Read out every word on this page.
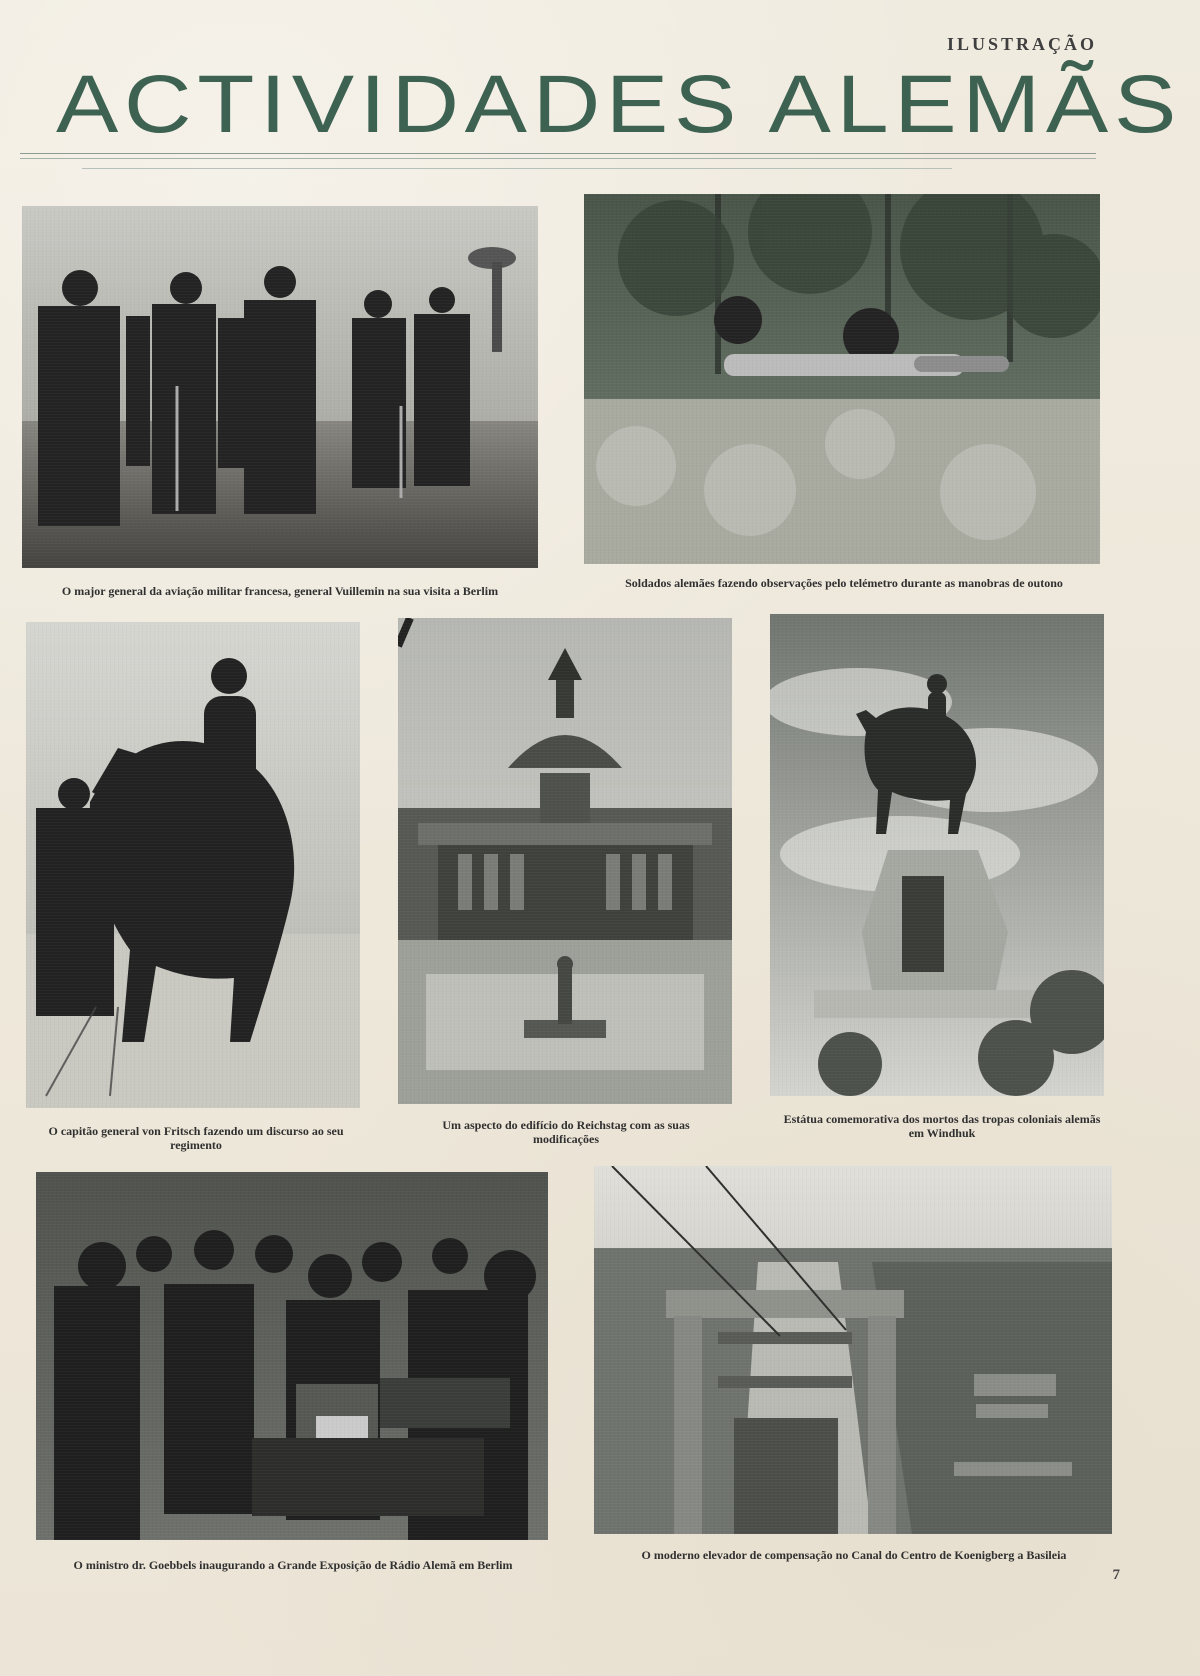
ILUSTRAÇÃO
ACTIVIDADES ALEMÃS
O major general da aviação militar francesa, general Vuillemin na sua visita a Berlim
Soldados alemães fazendo observações pelo telémetro durante as manobras de outono
O capitão general von Fritsch fazendo um discurso ao seu regimento
Um aspecto do edifício do Reichstag com as suas modificações
Estátua comemorativa dos mortos das tropas coloniais alemãs em Windhuk
O ministro dr. Goebbels inaugurando a Grande Exposição de Rádio Alemã em Berlim
O moderno elevador de compensação no Canal do Centro de Koenigberg a Basileia
7
